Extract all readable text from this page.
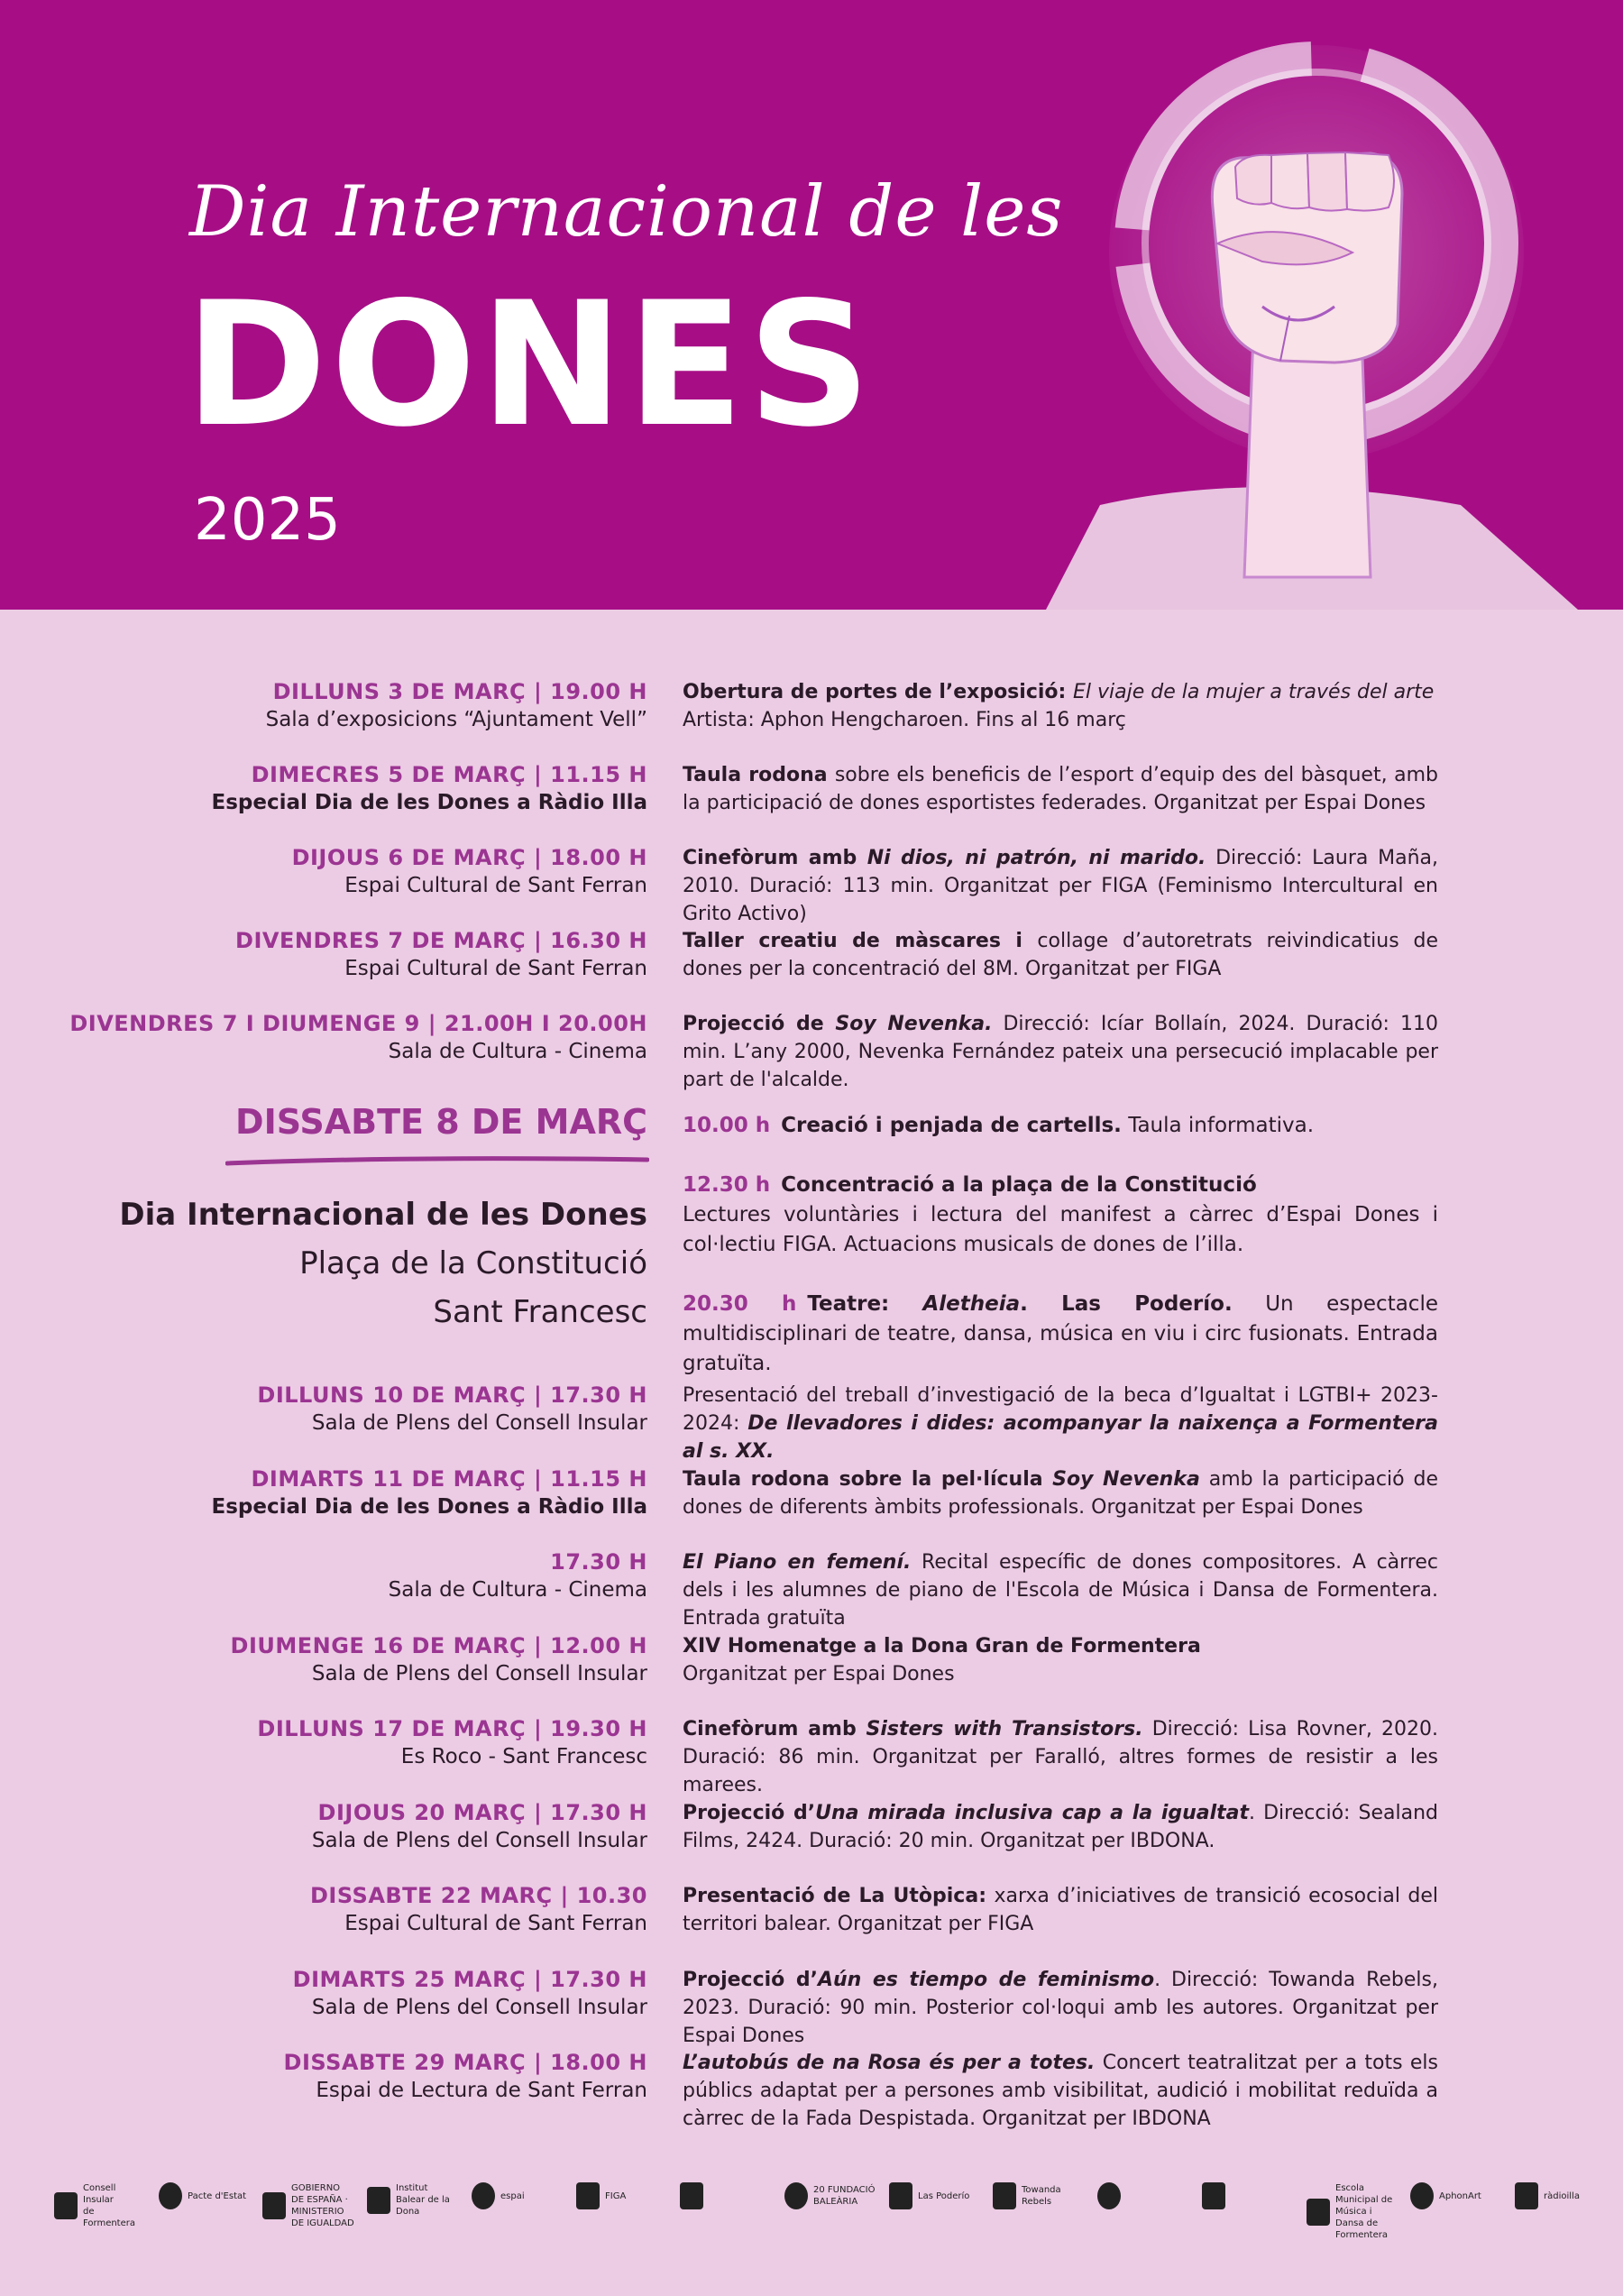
Dia Internacional de les
DONES
2025
DILLUNS 3 DE MARÇ | 19.00 H
Sala d’exposicions “Ajuntament Vell”
Obertura de portes de l’exposició: El viaje de la mujer a través del arte
Artista: Aphon Hengcharoen. Fins al 16 març
DIMECRES 5 DE MARÇ | 11.15 H
Especial Dia de les Dones a Ràdio Illa
Taula rodona sobre els beneficis de l’esport d’equip des del bàsquet, amb la participació de dones esportistes federades. Organitzat per Espai Dones
DIJOUS 6 DE MARÇ | 18.00 H
Espai Cultural de Sant Ferran
Cinefòrum amb Ni dios, ni patrón, ni marido. Direcció: Laura Maña, 2010. Duració: 113 min. Organitzat per FIGA (Feminismo Intercultural en Grito Activo)
DIVENDRES 7 DE MARÇ | 16.30 H
Espai Cultural de Sant Ferran
Taller creatiu de màscares i collage d’autoretrats reivindicatius de dones per la concentració del 8M. Organitzat per FIGA
DIVENDRES 7 I DIUMENGE 9 | 21.00H I 20.00H
Sala de Cultura - Cinema
Projecció de Soy Nevenka. Direcció: Icíar Bollaín, 2024. Duració: 110 min. L’any 2000, Nevenka Fernández pateix una persecució implacable per part de l'alcalde.
DISSABTE 8 DE MARÇ
Dia Internacional de les Dones
Plaça de la Constitució
Sant Francesc
10.00 h Creació i penjada de cartells. Taula informativa.
12.30 h Concentració a la plaça de la Constitució
Lectures voluntàries i lectura del manifest a càrrec d’Espai Dones i col·lectiu FIGA. Actuacions musicals de dones de l’illa.
20.30 h Teatre: Aletheia. Las Poderío. Un espectacle multidisciplinari de teatre, dansa, música en viu i circ fusionats. Entrada gratuïta.
DILLUNS 10 DE MARÇ | 17.30 H
Sala de Plens del Consell Insular
Presentació del treball d’investigació de la beca d’Igualtat i LGTBI+ 2023-2024: De llevadores i dides: acompanyar la naixença a Formentera al s. XX.
DIMARTS 11 DE MARÇ | 11.15 H
Especial Dia de les Dones a Ràdio Illa
Taula rodona sobre la pel·lícula Soy Nevenka amb la participació de dones de diferents àmbits professionals. Organitzat per Espai Dones
17.30 H
Sala de Cultura - Cinema
El Piano en femení. Recital específic de dones compositores. A càrrec dels i les alumnes de piano de l'Escola de Música i Dansa de Formentera. Entrada gratuïta
DIUMENGE 16 DE MARÇ | 12.00 H
Sala de Plens del Consell Insular
XIV Homenatge a la Dona Gran de Formentera
Organitzat per Espai Dones
DILLUNS 17 DE MARÇ | 19.30 H
Es Roco - Sant Francesc
Cinefòrum amb Sisters with Transistors. Direcció: Lisa Rovner, 2020. Duració: 86 min. Organitzat per Faralló, altres formes de resistir a les marees.
DIJOUS 20 MARÇ | 17.30 H
Sala de Plens del Consell Insular
Projecció d’Una mirada inclusiva cap a la igualtat. Direcció: Sealand Films, 2424. Duració: 20 min. Organitzat per IBDONA.
DISSABTE 22 MARÇ | 10.30
Espai Cultural de Sant Ferran
Presentació de La Utòpica: xarxa d’iniciatives de transició ecosocial del territori balear. Organitzat per FIGA
DIMARTS 25 MARÇ | 17.30 H
Sala de Plens del Consell Insular
Projecció d’Aún es tiempo de feminismo. Direcció: Towanda Rebels, 2023. Duració: 90 min. Posterior col·loqui amb les autores. Organitzat per Espai Dones
DISSABTE 29 MARÇ | 18.00 H
Espai de Lectura de Sant Ferran
L’autobús de na Rosa és per a totes. Concert teatralitzat per a tots els públics adaptat per a persones amb visibilitat, audició i mobilitat reduïda a càrrec de la Fada Despistada. Organitzat per IBDONA
Consell Insular
de Formentera
Pacte d'Estat
GOBIERNO DE ESPAÑA · MINISTERIO DE IGUALDAD
Institut Balear de la Dona
espai	FIGA
20 FUNDACIÓ BALEÀRIA
Las Poderío
Towanda Rebels
Escola Municipal de Música i Dansa de Formentera
AphonArt	ràdioilla
